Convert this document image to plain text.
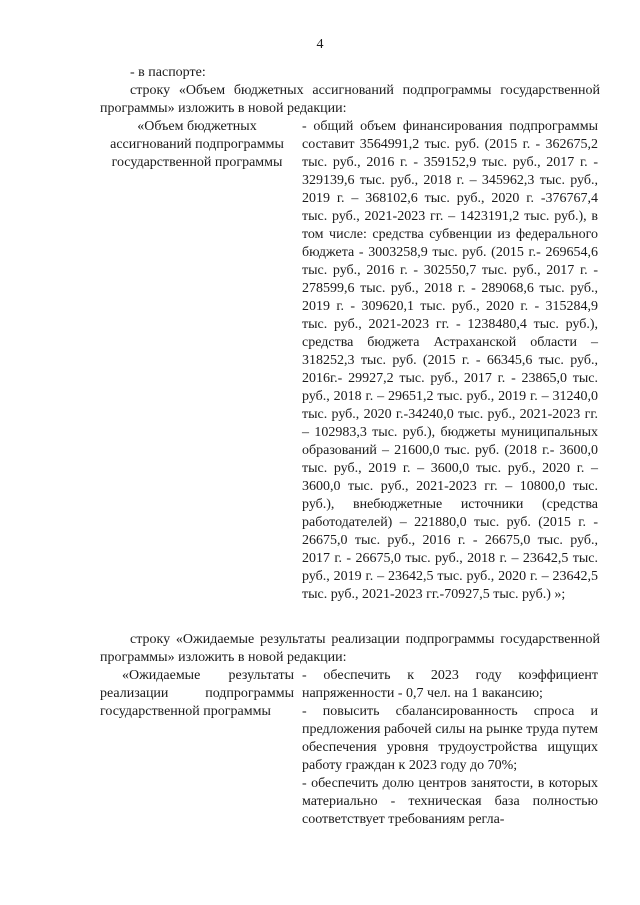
4
- в паспорте:
строку «Объем бюджетных ассигнований подпрограммы государственной программы» изложить в новой редакции:
«Объем бюджетных ассигнований подпрограммы государственной программы
- общий объем финансирования подпрограммы составит 3564991,2 тыс. руб. (2015 г. - 362675,2 тыс. руб., 2016 г. - 359152,9 тыс. руб., 2017 г. - 329139,6 тыс. руб., 2018 г. – 345962,3 тыс. руб., 2019 г. – 368102,6 тыс. руб., 2020 г. -376767,4 тыс. руб., 2021-2023 гг. – 1423191,2 тыс. руб.), в том числе: средства субвенции из федерального бюджета - 3003258,9 тыс. руб. (2015 г.- 269654,6 тыс. руб., 2016 г. - 302550,7 тыс. руб., 2017 г. - 278599,6 тыс. руб., 2018 г. - 289068,6 тыс. руб., 2019 г. - 309620,1 тыс. руб., 2020 г. - 315284,9 тыс. руб., 2021-2023 гг. - 1238480,4 тыс. руб.), средства бюджета Астраханской области – 318252,3 тыс. руб. (2015 г. - 66345,6 тыс. руб., 2016г.- 29927,2 тыс. руб., 2017 г. - 23865,0 тыс. руб., 2018 г. – 29651,2 тыс. руб., 2019 г. – 31240,0 тыс. руб., 2020 г.-34240,0 тыс. руб., 2021-2023 гг. – 102983,3 тыс. руб.), бюджеты муниципальных образований – 21600,0 тыс. руб. (2018 г.- 3600,0 тыс. руб., 2019 г. – 3600,0 тыс. руб., 2020 г. – 3600,0 тыс. руб., 2021-2023 гг. – 10800,0 тыс. руб.), внебюджетные источники (средства работодателей) – 221880,0 тыс. руб. (2015 г. - 26675,0 тыс. руб., 2016 г. - 26675,0 тыс. руб., 2017 г. - 26675,0 тыс. руб., 2018 г. – 23642,5 тыс. руб., 2019 г. – 23642,5 тыс. руб., 2020 г. – 23642,5 тыс. руб., 2021-2023 гг.-70927,5 тыс. руб.) »;
строку «Ожидаемые результаты реализации подпрограммы государственной программы» изложить в новой редакции:
«Ожидаемые результаты реализации подпрограммы государственной программы

- обеспечить к 2023 году коэффициент напряженности - 0,7 чел. на 1 вакансию;

- повысить сбалансированность спроса и предложения рабочей силы на рынке труда путем обеспечения уровня трудоустройства ищущих работу граждан к 2023 году до 70%;

- обеспечить долю центров занятости, в которых материально - техническая база полностью соответствует требованиям регла-
